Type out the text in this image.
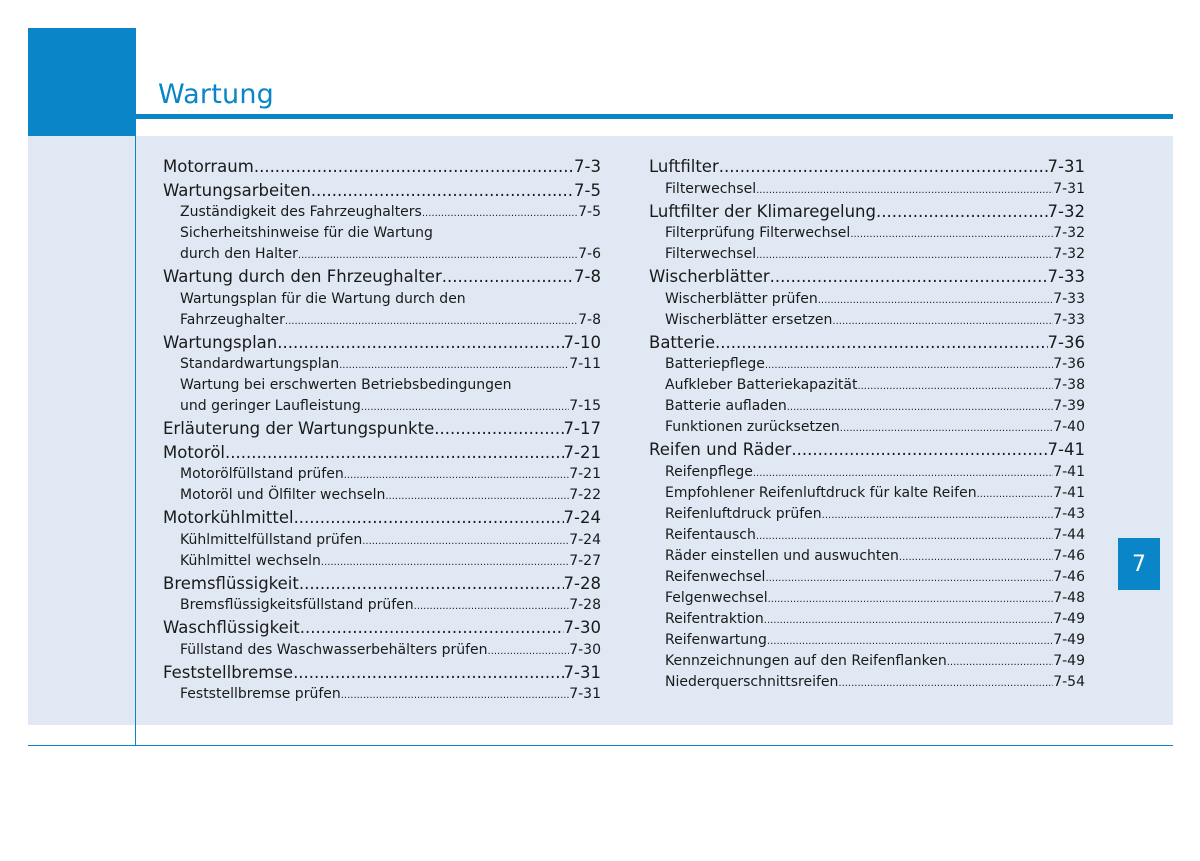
Wartung
7
Motorraum .....	7-3
Wartungsarbeiten .....	7-5
Zuständigkeit des Fahrzeughalters .....	7-5
Sicherheitshinweise für die Wartung
durch den Halter .....	7-6
Wartung durch den Fhrzeughalter .....	7-8
Wartungsplan für die Wartung durch den
Fahrzeughalter .....	7-8
Wartungsplan .....	7-10
Standardwartungsplan .....	7-11
Wartung bei erschwerten Betriebsbedingungen
und geringer Laufleistung .....	7-15
Erläuterung der Wartungspunkte .....	7-17
Motoröl .....	7-21
Motorölfüllstand prüfen .....	7-21
Motoröl und Ölfilter wechseln .....	7-22
Motorkühlmittel .....	7-24
Kühlmittelfüllstand prüfen .....	7-24
Kühlmittel wechseln .....	7-27
Bremsflüssigkeit .....	7-28
Bremsflüssigkeitsfüllstand prüfen .....	7-28
Waschflüssigkeit .....	7-30
Füllstand des Waschwasserbehälters prüfen .....	7-30
Feststellbremse .....	7-31
Feststellbremse prüfen .....	7-31
Luftfilter .....	7-31
Filterwechsel .....	7-31
Luftfilter der Klimaregelung .....	7-32
Filterprüfung Filterwechsel .....	7-32
Filterwechsel .....	7-32
Wischerblätter .....	7-33
Wischerblätter prüfen .....	7-33
Wischerblätter ersetzen .....	7-33
Batterie .....	7-36
Batteriepflege .....	7-36
Aufkleber Batteriekapazität .....	7-38
Batterie aufladen .....	7-39
Funktionen zurücksetzen .....	7-40
Reifen und Räder .....	7-41
Reifenpflege .....	7-41
Empfohlener Reifenluftdruck für kalte Reifen .....	7-41
Reifenluftdruck prüfen .....	7-43
Reifentausch .....	7-44
Räder einstellen und auswuchten .....	7-46
Reifenwechsel .....	7-46
Felgenwechsel .....	7-48
Reifentraktion .....	7-49
Reifenwartung .....	7-49
Kennzeichnungen auf den Reifenflanken .....	7-49
Niederquerschnittsreifen .....	7-54
